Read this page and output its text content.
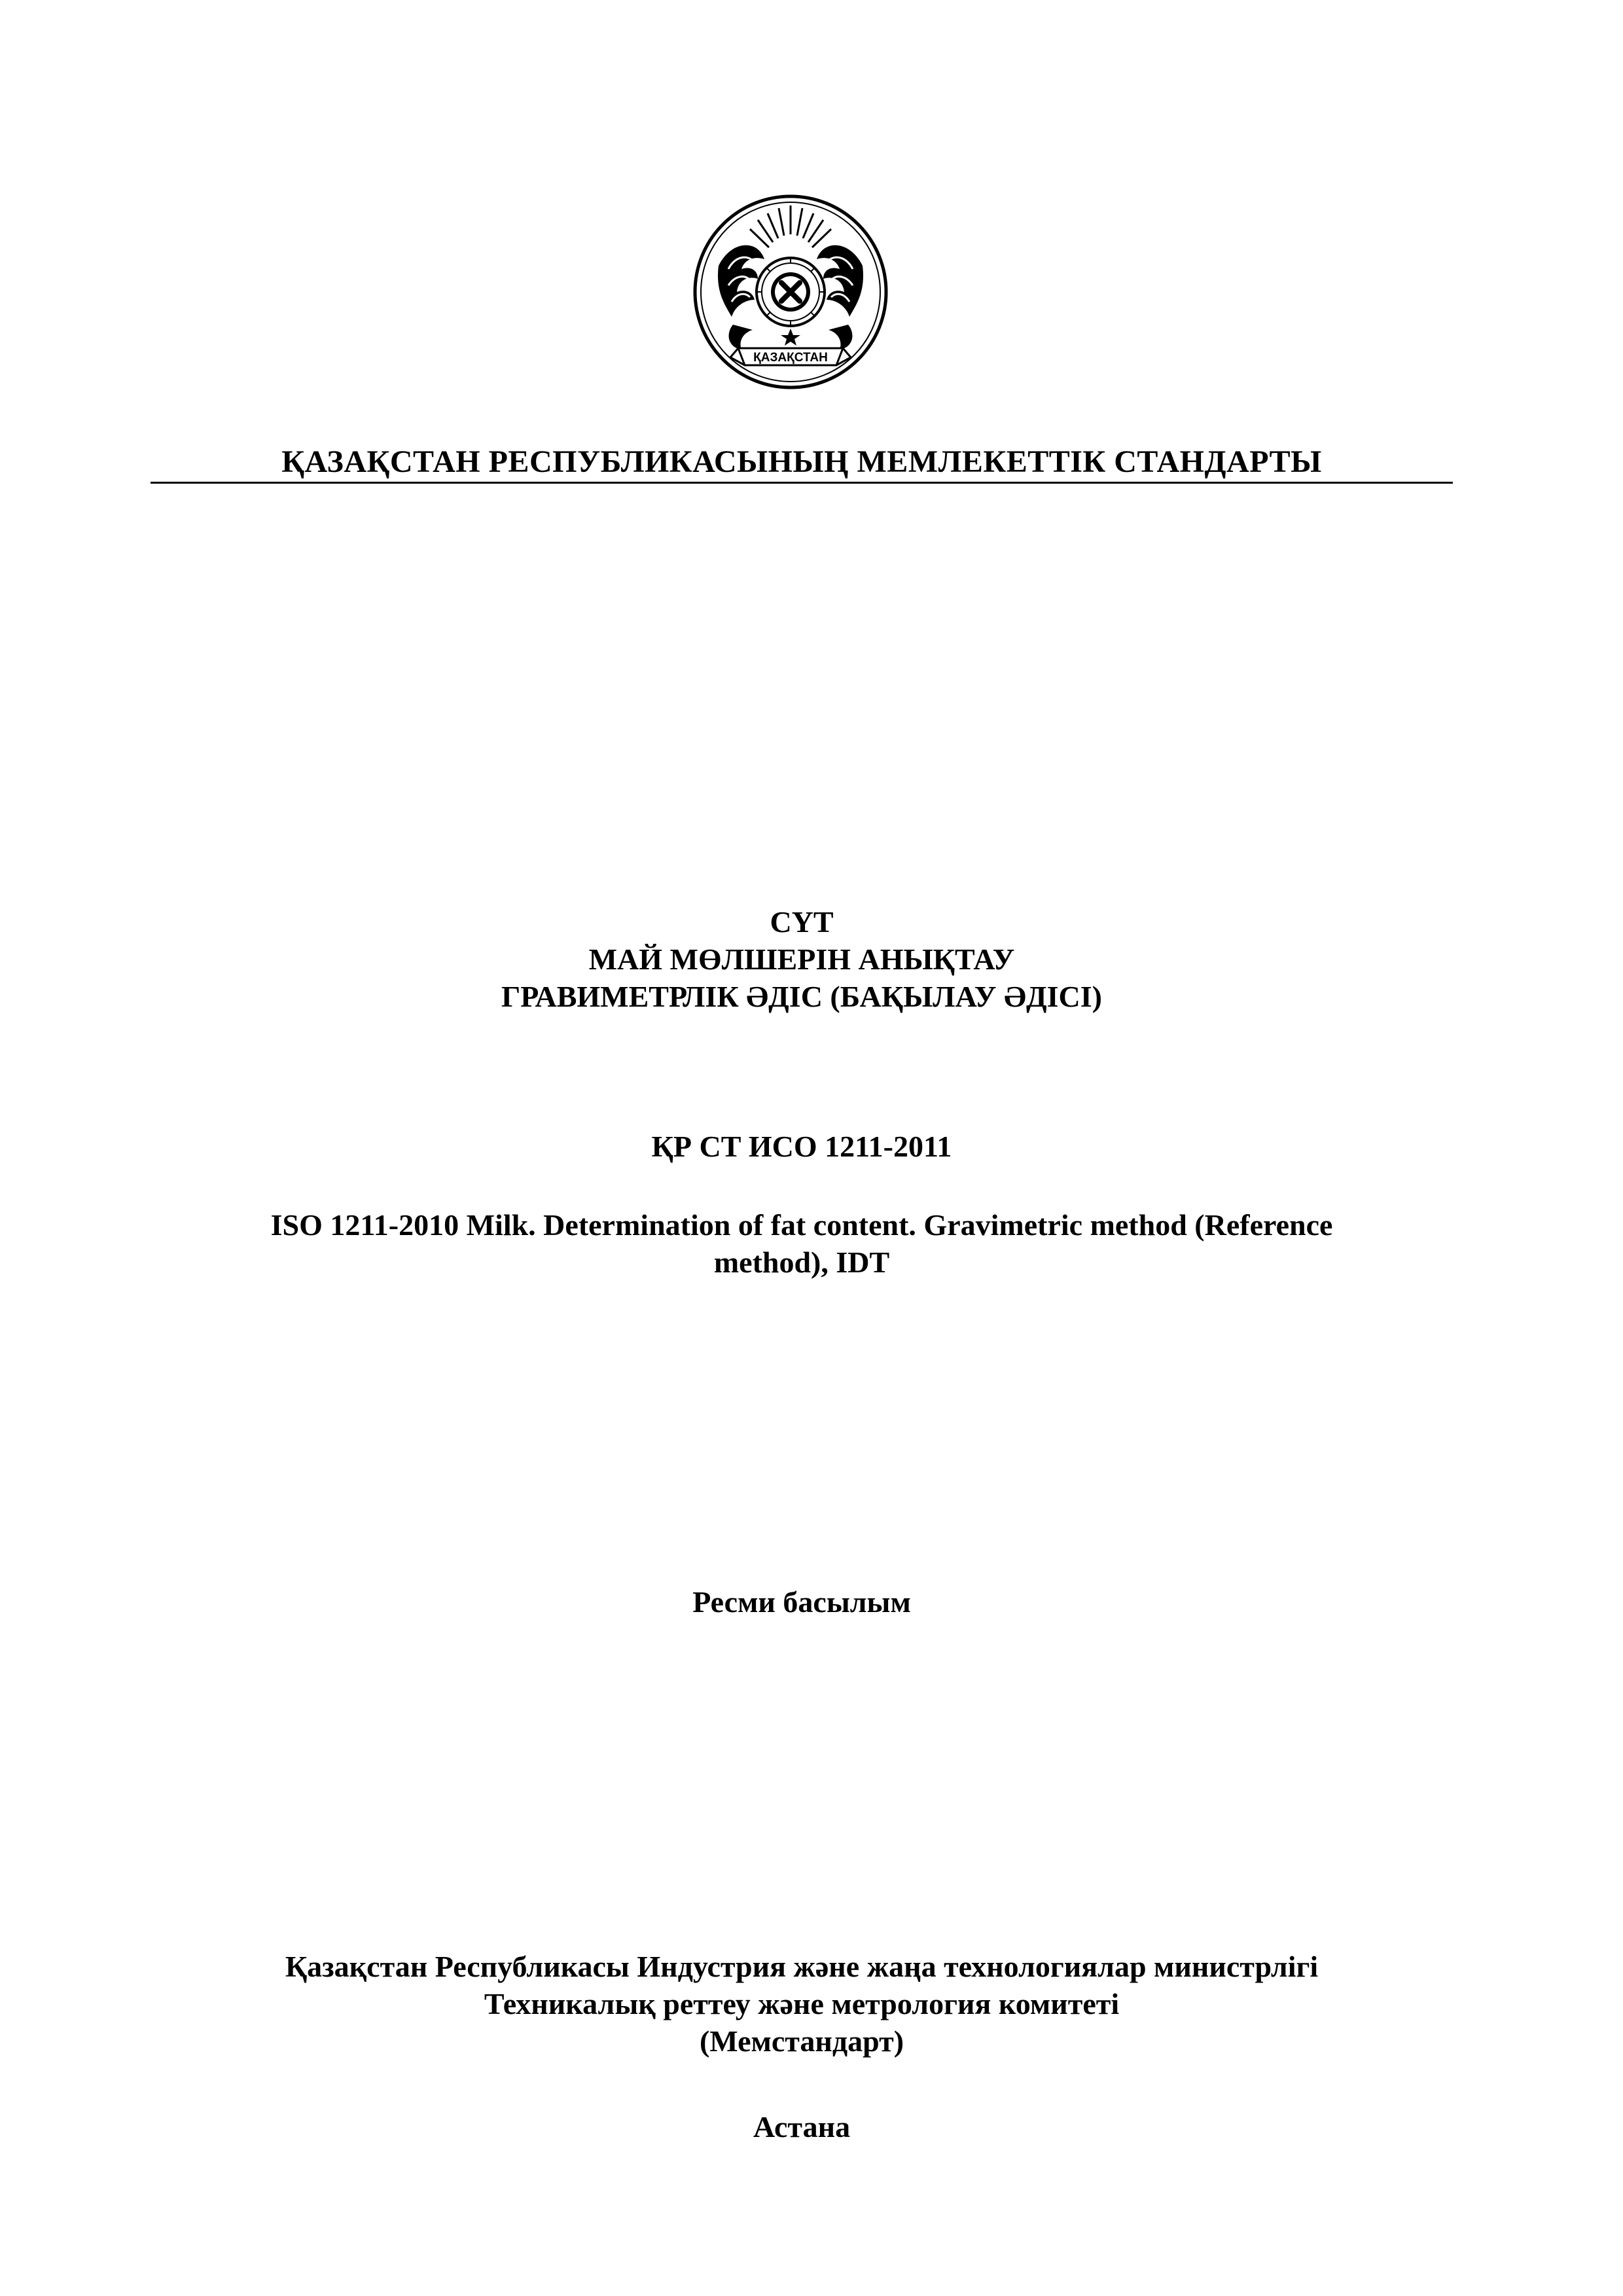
ҚАЗАҚСТАН
ҚАЗАҚСТАН РЕСПУБЛИКАСЫНЫҢ МЕМЛЕКЕТТІК СТАНДАРТЫ
СҮТ
МАЙ МӨЛШЕРІН АНЫҚТАУ
ГРАВИМЕТРЛІК ӘДІС (БАҚЫЛАУ ӘДІСІ)
ҚР СТ ИСО 1211-2011
ISO 1211-2010 Milk. Determination of fat content. Gravimetric method (Reference
method), IDT
Ресми басылым
Қазақстан Республикасы Индустрия және жаңа технологиялар министрлігі
Техникалық реттеу және метрология комитеті
(Мемстандарт)
Астана
